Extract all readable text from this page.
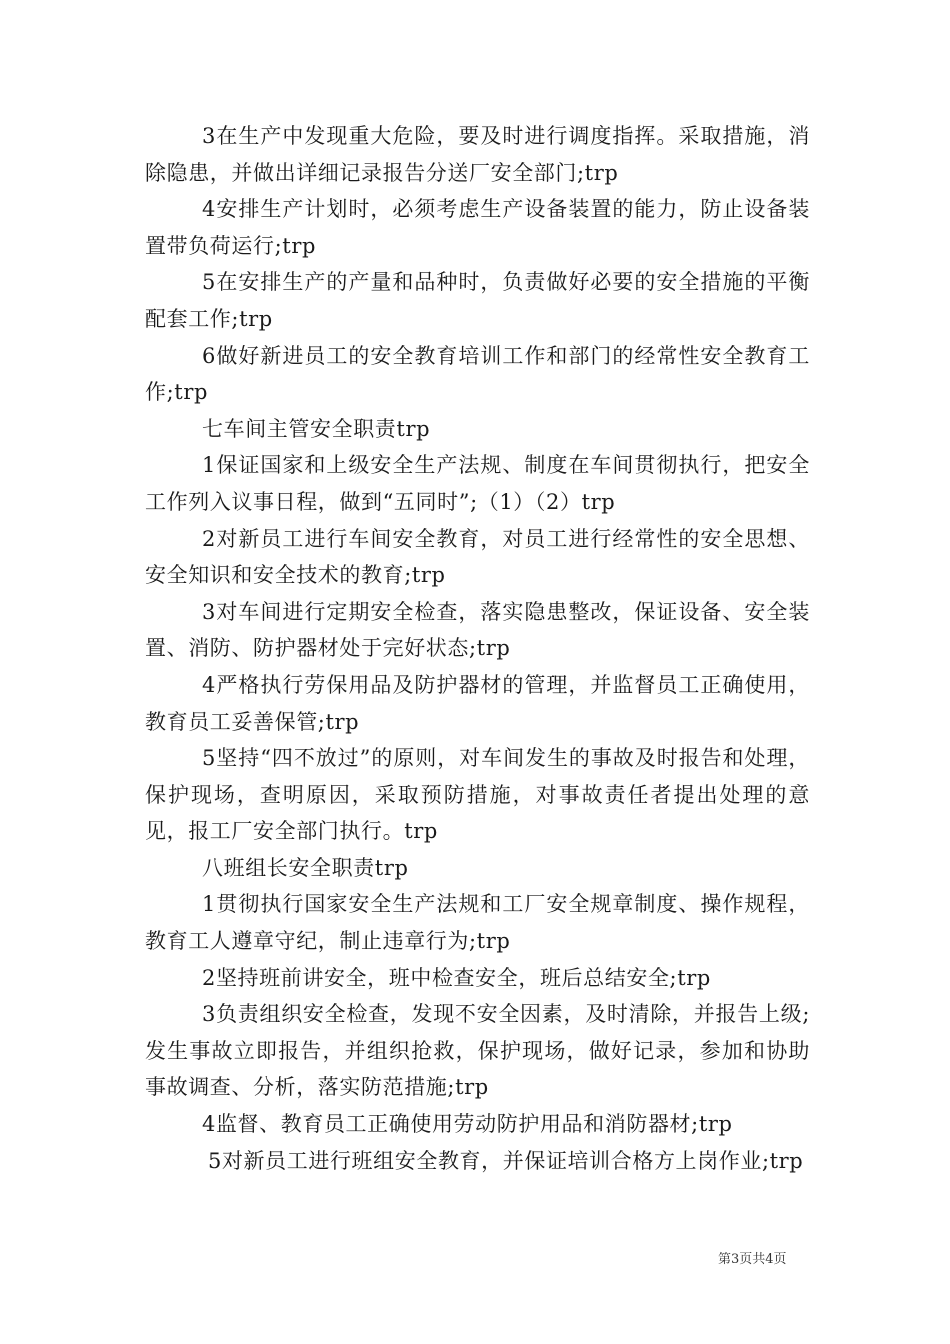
3在生产中发现重大危险，要及时进行调度指挥。采取措施，消除隐患，并做出详细记录报告分送厂安全部门;trp

4安排生产计划时，必须考虑生产设备装置的能力，防止设备装置带负荷运行;trp

5在安排生产的产量和品种时，负责做好必要的安全措施的平衡配套工作;trp

6做好新进员工的安全教育培训工作和部门的经常性安全教育工作;trp

七车间主管安全职责trp

1保证国家和上级安全生产法规、制度在车间贯彻执行，把安全工作列入议事日程，做到“五同时”;（1）（2）trp

2对新员工进行车间安全教育，对员工进行经常性的安全思想、安全知识和安全技术的教育;trp

3对车间进行定期安全检查，落实隐患整改，保证设备、安全装置、消防、防护器材处于完好状态;trp

4严格执行劳保用品及防护器材的管理，并监督员工正确使用，教育员工妥善保管;trp

5坚持“四不放过”的原则，对车间发生的事故及时报告和处理，保护现场，查明原因，采取预防措施，对事故责任者提出处理的意见，报工厂安全部门执行。trp

八班组长安全职责trp

1贯彻执行国家安全生产法规和工厂安全规章制度、操作规程，教育工人遵章守纪，制止违章行为;trp

2坚持班前讲安全，班中检查安全，班后总结安全;trp

3负责组织安全检查，发现不安全因素，及时清除，并报告上级;发生事故立即报告，并组织抢救，保护现场，做好记录，参加和协助事故调查、分析，落实防范措施;trp

4监督、教育员工正确使用劳动防护用品和消防器材;trp

5对新员工进行班组安全教育，并保证培训合格方上岗作业;trp

第3页共4页
